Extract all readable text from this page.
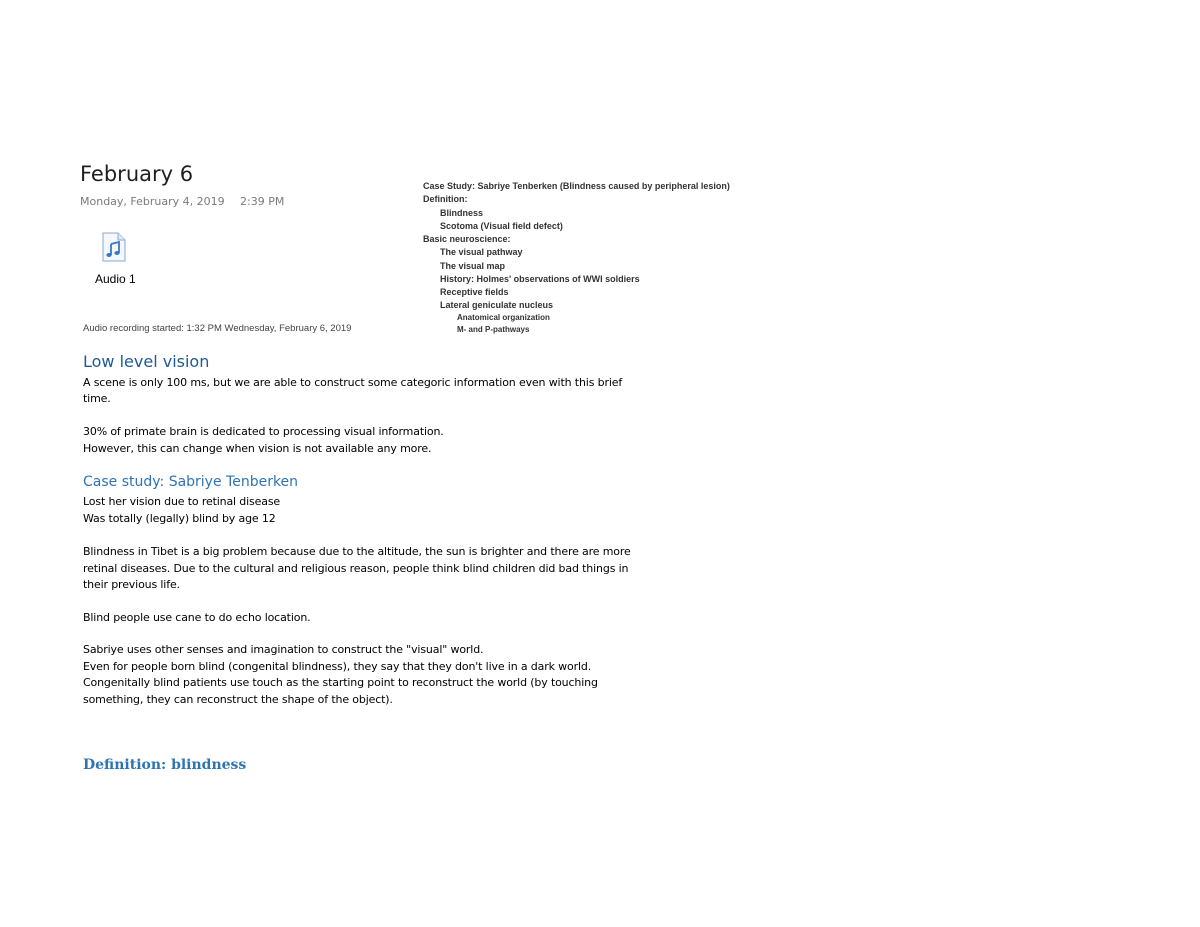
February 6
Monday, February 4, 2019 2:39 PM
Audio 1
Audio recording started: 1:32 PM Wednesday, February 6, 2019
Case Study: Sabriye Tenberken (Blindness caused by peripheral lesion)
Definition:
Blindness
Scotoma (Visual field defect)
Basic neuroscience:
The visual pathway
The visual map
History: Holmes' observations of WWI soldiers
Receptive fields
Lateral geniculate nucleus
Anatomical organization
M- and P-pathways
Low level vision
A scene is only 100 ms, but we are able to construct some categoric information even with this brief
time.
30% of primate brain is dedicated to processing visual information.
However, this can change when vision is not available any more.
Case study: Sabriye Tenberken
Lost her vision due to retinal disease
Was totally (legally) blind by age 12
Blindness in Tibet is a big problem because due to the altitude, the sun is brighter and there are more
retinal diseases. Due to the cultural and religious reason, people think blind children did bad things in
their previous life.
Blind people use cane to do echo location.
Sabriye uses other senses and imagination to construct the "visual" world.
Even for people born blind (congenital blindness), they say that they don't live in a dark world.
Congenitally blind patients use touch as the starting point to reconstruct the world (by touching
something, they can reconstruct the shape of the object).
Definition: blindness
